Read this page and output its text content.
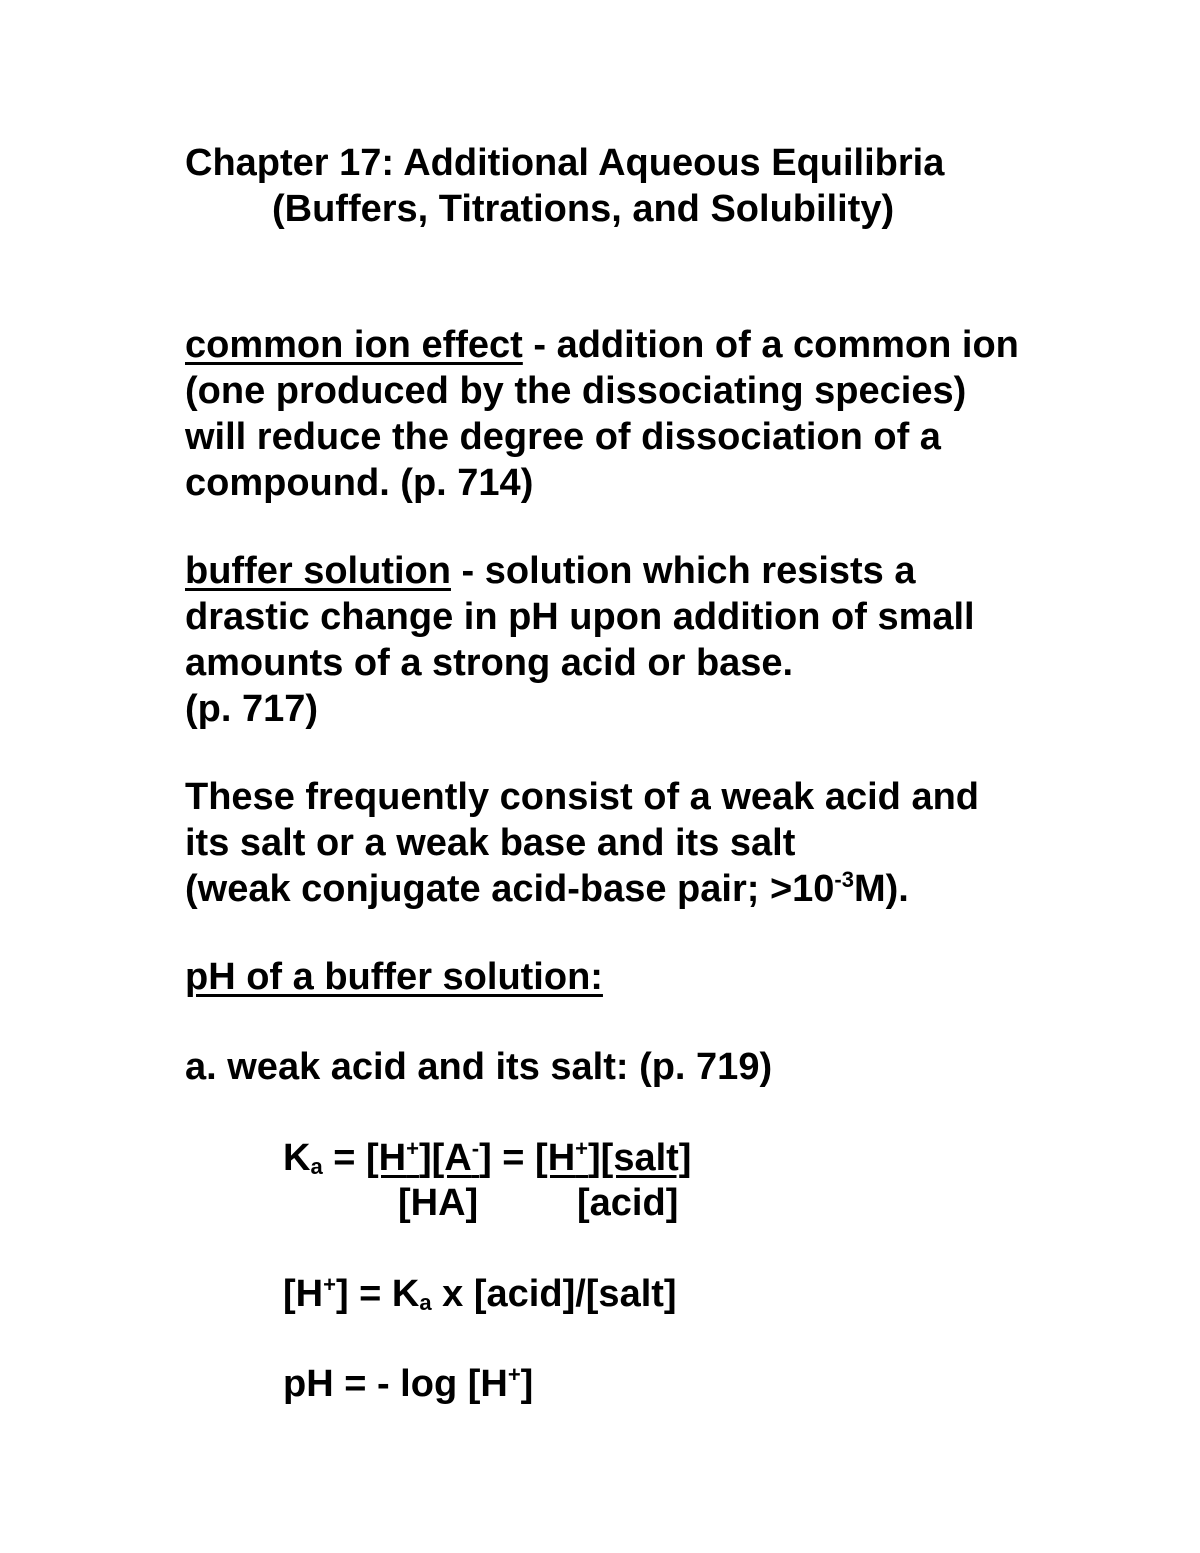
Chapter 17: Additional Aqueous Equilibria
(Buffers, Titrations, and Solubility)
common ion effect - addition of a common ion
(one produced by the dissociating species)
will reduce the degree of dissociation of a
compound. (p. 714)
buffer solution - solution which resists a
drastic change in pH upon addition of small
amounts of a strong acid or base.
(p. 717)
These frequently consist of a weak acid and
its salt or a weak base and its salt
(weak conjugate acid-base pair; $>10^{-3}M$).
pH of a buffer solution:
a. weak acid and its salt: (p. 719)
$K_a = [H^+][A^-]$ = [H+][salt]
[HA]	[acid]
$[H^+] = K_a$ x [acid]/[salt]
pH = - log [H+]
